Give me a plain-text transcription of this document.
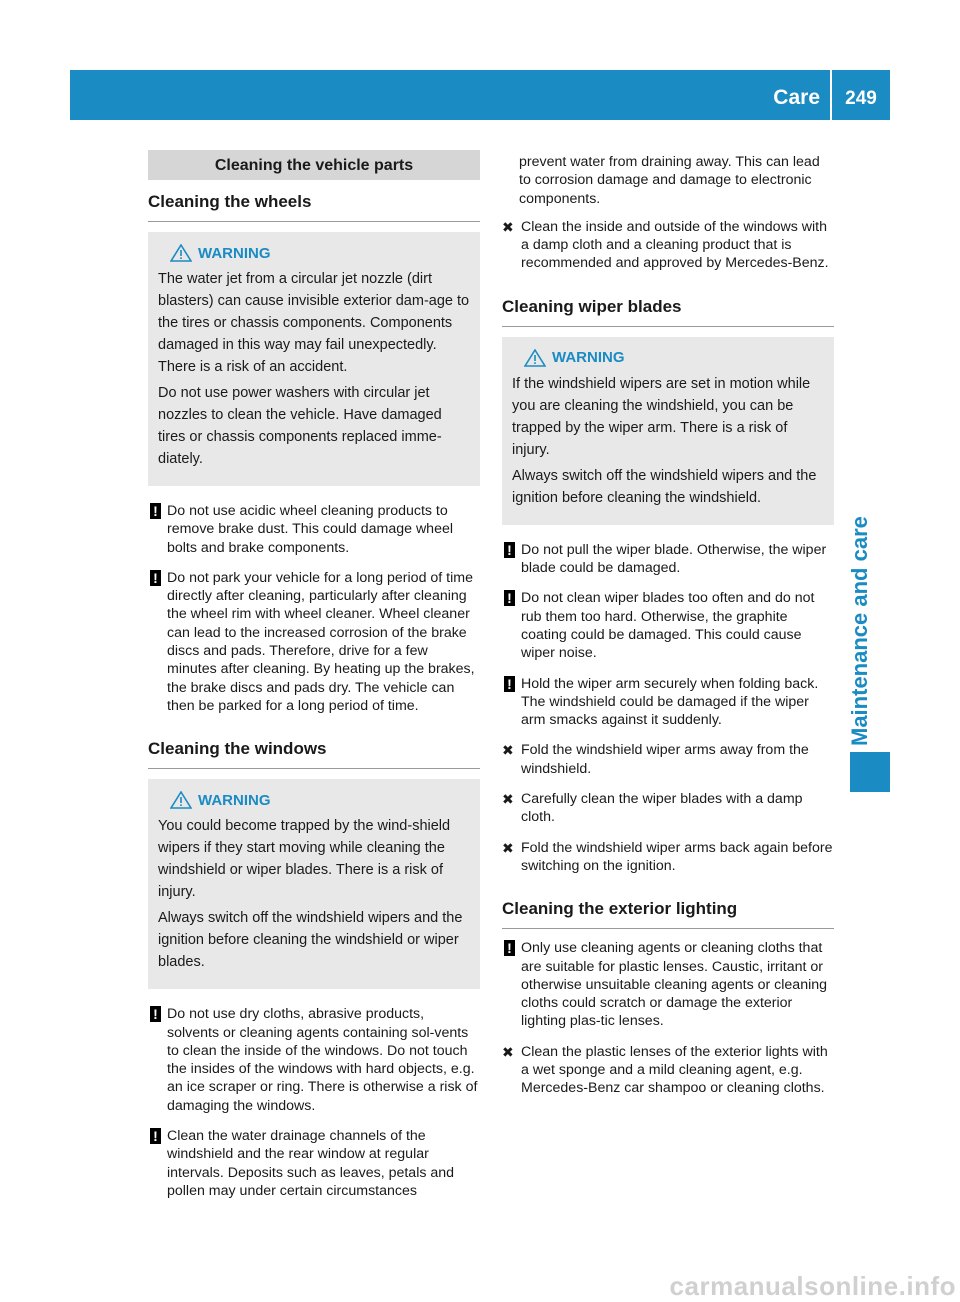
Care	249
Maintenance and care
Cleaning the vehicle parts
Cleaning the wheels
WARNING
The water jet from a circular jet nozzle (dirt blasters) can cause invisible exterior dam-age to the tires or chassis components. Components damaged in this way may fail unexpectedly. There is a risk of an accident.
Do not use power washers with circular jet nozzles to clean the vehicle. Have damaged tires or chassis components replaced imme-diately.
! Do not use acidic wheel cleaning products to remove brake dust. This could damage wheel bolts and brake components.
! Do not park your vehicle for a long period of time directly after cleaning, particularly after cleaning the wheel rim with wheel cleaner. Wheel cleaner can lead to the increased corrosion of the brake discs and pads. Therefore, drive for a few minutes after cleaning. By heating up the brakes, the brake discs and pads dry. The vehicle can then be parked for a long period of time.
Cleaning the windows
WARNING
You could become trapped by the wind-shield wipers if they start moving while cleaning the windshield or wiper blades. There is a risk of injury.
Always switch off the windshield wipers and the ignition before cleaning the windshield or wiper blades.
! Do not use dry cloths, abrasive products, solvents or cleaning agents containing sol-vents to clean the inside of the windows. Do not touch the insides of the windows with hard objects, e.g. an ice scraper or ring. There is otherwise a risk of damaging the windows.
! Clean the water drainage channels of the windshield and the rear window at regular intervals. Deposits such as leaves, petals and pollen may under certain circumstances
prevent water from draining away. This can lead to corrosion damage and damage to electronic components.
✖ Clean the inside and outside of the windows with a damp cloth and a cleaning product that is recommended and approved by Mercedes-Benz.
Cleaning wiper blades
WARNING
If the windshield wipers are set in motion while you are cleaning the windshield, you can be trapped by the wiper arm. There is a risk of injury.
Always switch off the windshield wipers and the ignition before cleaning the windshield.
! Do not pull the wiper blade. Otherwise, the wiper blade could be damaged.
! Do not clean wiper blades too often and do not rub them too hard. Otherwise, the graphite coating could be damaged. This could cause wiper noise.
! Hold the wiper arm securely when folding back. The windshield could be damaged if the wiper arm smacks against it suddenly.
✖ Fold the windshield wiper arms away from the windshield.
✖ Carefully clean the wiper blades with a damp cloth.
✖ Fold the windshield wiper arms back again before switching on the ignition.
Cleaning the exterior lighting
! Only use cleaning agents or cleaning cloths that are suitable for plastic lenses. Caustic, irritant or otherwise unsuitable cleaning agents or cleaning cloths could scratch or damage the exterior lighting plas-tic lenses.
✖ Clean the plastic lenses of the exterior lights with a wet sponge and a mild cleaning agent, e.g. Mercedes-Benz car shampoo or cleaning cloths.
carmanualsonline.info
